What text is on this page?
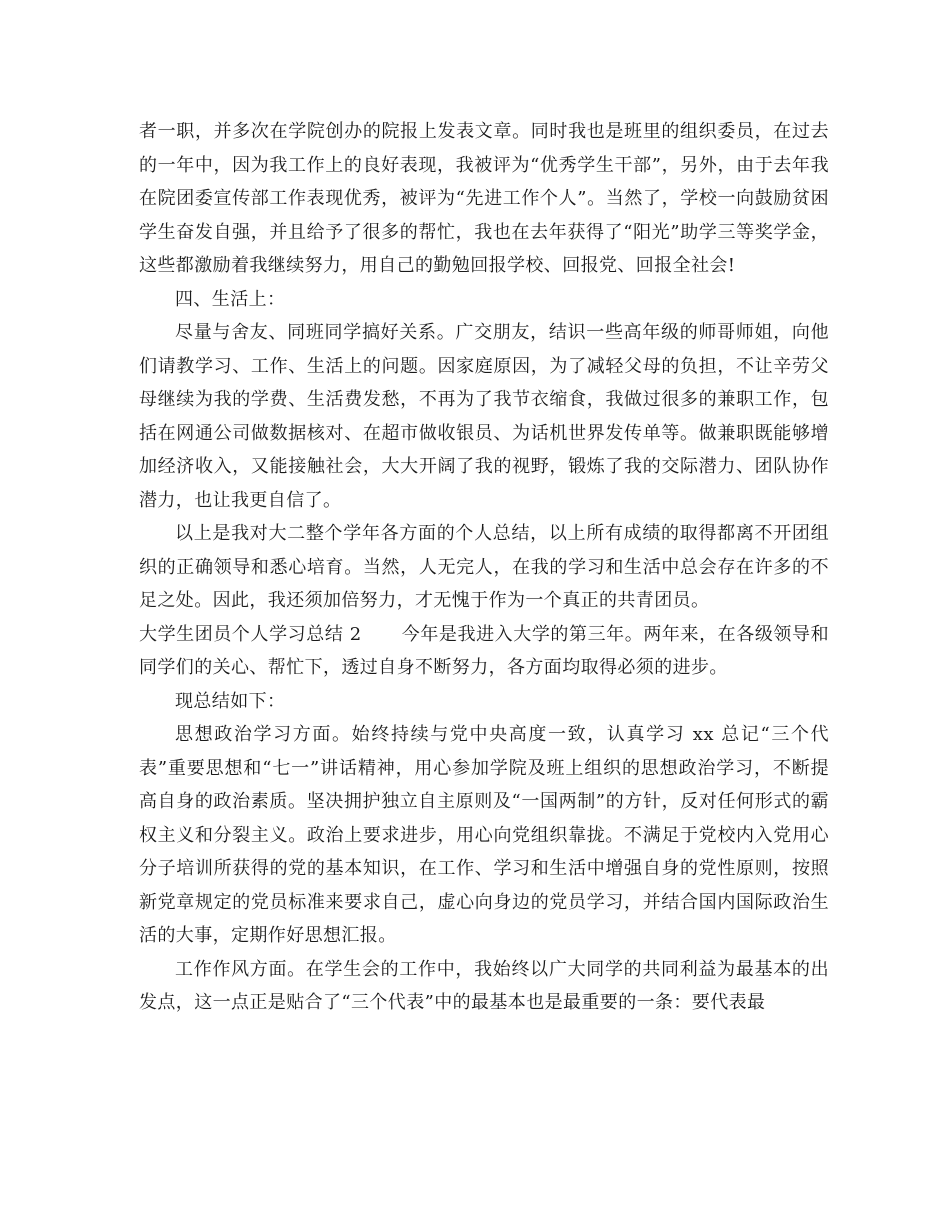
者一职，并多次在学院创办的院报上发表文章。同时我也是班里的组织委员，在过去的一年中，因为我工作上的良好表现，我被评为“优秀学生干部”，另外，由于去年我在院团委宣传部工作表现优秀，被评为“先进工作个人”。当然了，学校一向鼓励贫困学生奋发自强，并且给予了很多的帮忙，我也在去年获得了“阳光”助学三等奖学金，这些都激励着我继续努力，用自己的勤勉回报学校、回报党、回报全社会!

四、生活上：

尽量与舍友、同班同学搞好关系。广交朋友，结识一些高年级的师哥师姐，向他们请教学习、工作、生活上的问题。因家庭原因，为了减轻父母的负担，不让辛劳父母继续为我的学费、生活费发愁，不再为了我节衣缩食，我做过很多的兼职工作，包括在网通公司做数据核对、在超市做收银员、为话机世界发传单等。做兼职既能够增加经济收入，又能接触社会，大大开阔了我的视野，锻炼了我的交际潜力、团队协作潜力，也让我更自信了。

以上是我对大二整个学年各方面的个人总结，以上所有成绩的取得都离不开团组织的正确领导和悉心培育。当然，人无完人，在我的学习和生活中总会存在许多的不足之处。因此，我还须加倍努力，才无愧于作为一个真正的共青团员。

大学生团员个人学习总结 2 今年是我进入大学的第三年。两年来，在各级领导和同学们的关心、帮忙下，透过自身不断努力，各方面均取得必须的进步。

现总结如下：

思想政治学习方面。始终持续与党中央高度一致，认真学习 xx 总记“三个代表”重要思想和“七一”讲话精神，用心参加学院及班上组织的思想政治学习，不断提高自身的政治素质。坚决拥护独立自主原则及“一国两制”的方针，反对任何形式的霸权主义和分裂主义。政治上要求进步，用心向党组织靠拢。不满足于党校内入党用心分子培训所获得的党的基本知识，在工作、学习和生活中增强自身的党性原则，按照新党章规定的党员标准来要求自己，虚心向身边的党员学习，并结合国内国际政治生活的大事，定期作好思想汇报。

工作作风方面。在学生会的工作中，我始终以广大同学的共同利益为最基本的出发点，这一点正是贴合了“三个代表”中的最基本也是最重要的一条：要代表最
